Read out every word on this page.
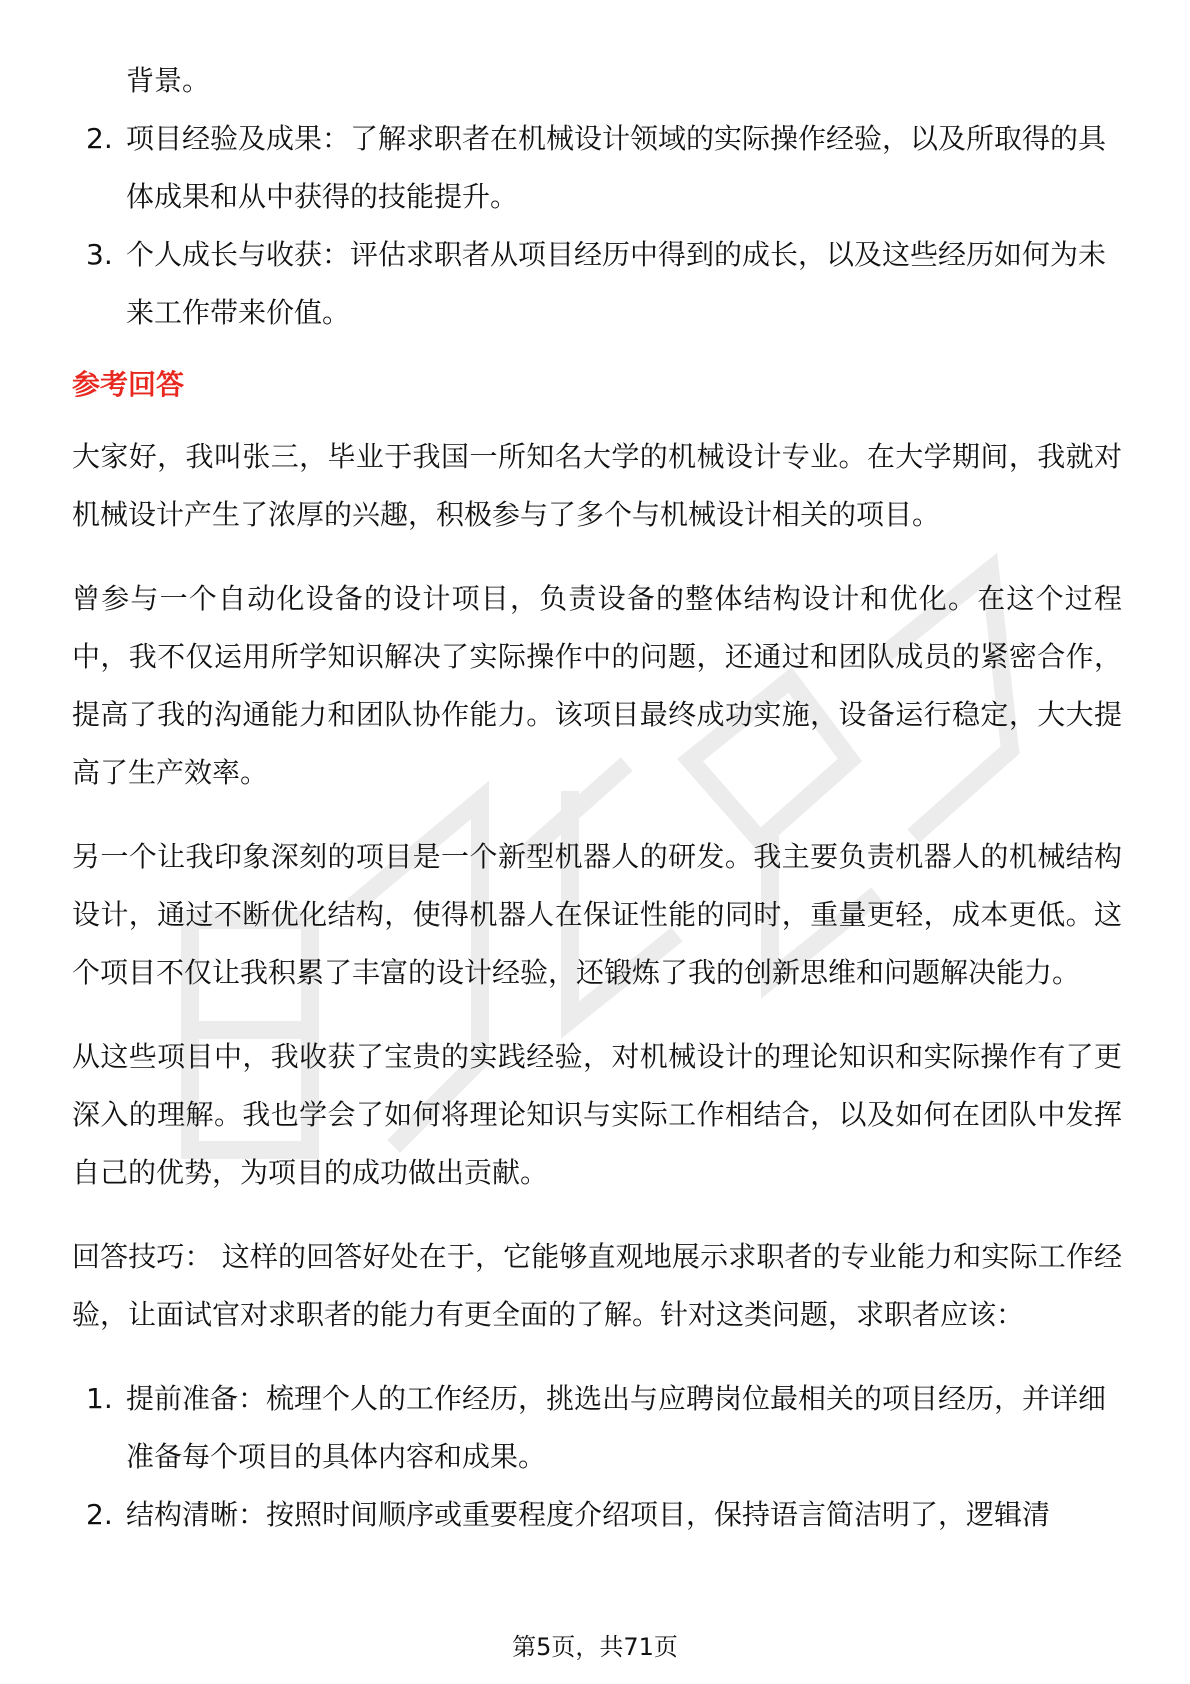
背景。
2. 项目经验及成果：了解求职者在机械设计领域的实际操作经验，以及所取得的具体成果和从中获得的技能提升。
3. 个人成长与收获：评估求职者从项目经历中得到的成长，以及这些经历如何为未来工作带来价值。

参考回答

大家好，我叫张三，毕业于我国一所知名大学的机械设计专业。在大学期间，我就对机械设计产生了浓厚的兴趣，积极参与了多个与机械设计相关的项目。

曾参与一个自动化设备的设计项目，负责设备的整体结构设计和优化。在这个过程中，我不仅运用所学知识解决了实际操作中的问题，还通过和团队成员的紧密合作，提高了我的沟通能力和团队协作能力。该项目最终成功实施，设备运行稳定，大大提高了生产效率。

另一个让我印象深刻的项目是一个新型机器人的研发。我主要负责机器人的机械结构设计，通过不断优化结构，使得机器人在保证性能的同时，重量更轻，成本更低。这个项目不仅让我积累了丰富的设计经验，还锻炼了我的创新思维和问题解决能力。

从这些项目中，我收获了宝贵的实践经验，对机械设计的理论知识和实际操作有了更深入的理解。我也学会了如何将理论知识与实际工作相结合，以及如何在团队中发挥自己的优势，为项目的成功做出贡献。

回答技巧： 这样的回答好处在于，它能够直观地展示求职者的专业能力和实际工作经验，让面试官对求职者的能力有更全面的了解。针对这类问题，求职者应该：

1. 提前准备：梳理个人的工作经历，挑选出与应聘岗位最相关的项目经历，并详细准备每个项目的具体内容和成果。
2. 结构清晰：按照时间顺序或重要程度介绍项目，保持语言简洁明了，逻辑清
第5页，共71页
